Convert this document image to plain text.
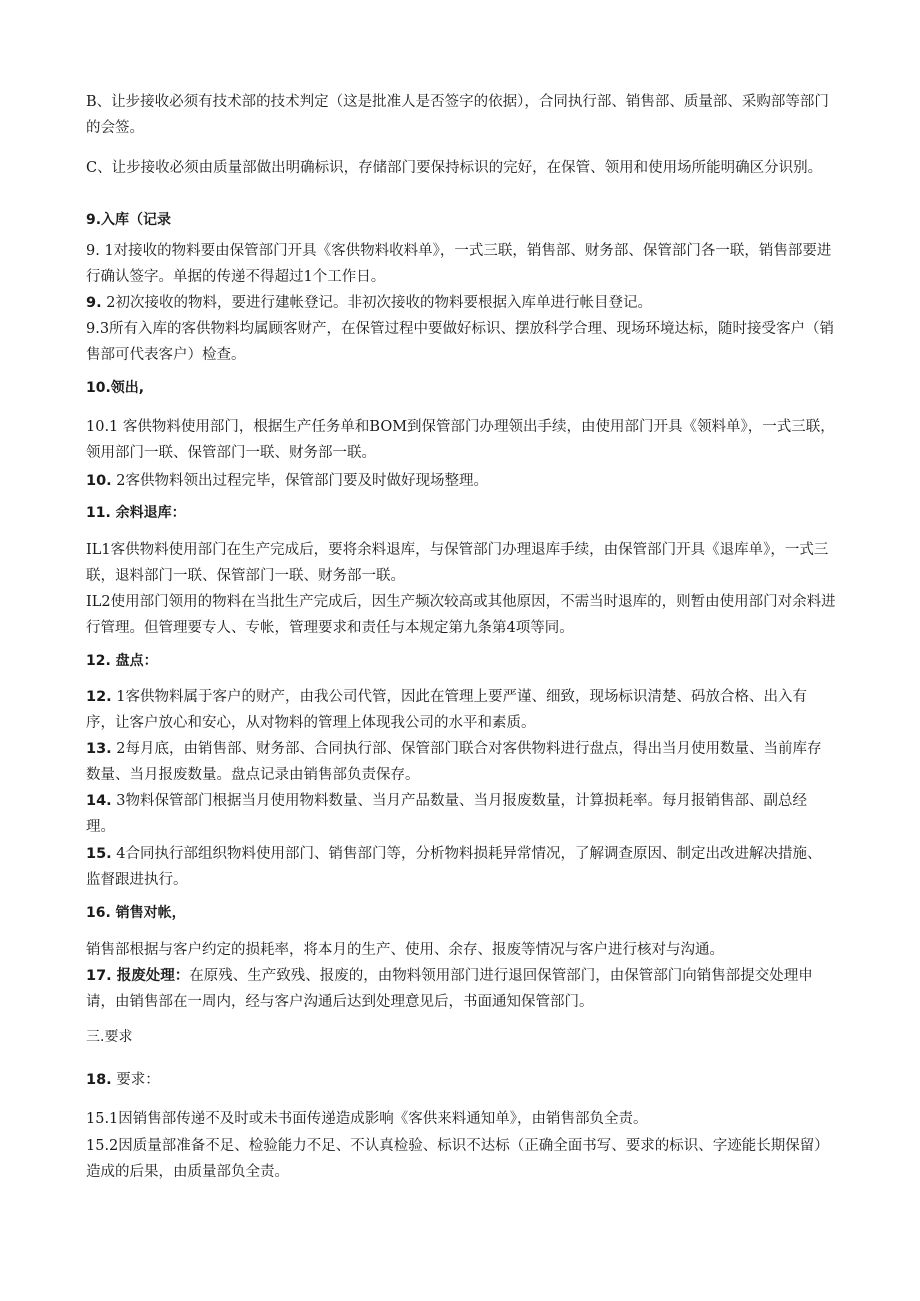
B、让步接收必须有技术部的技术判定（这是批准人是否签字的依据），合同执行部、销售部、质量部、采购部等部门的会签。

C、让步接收必须由质量部做出明确标识，存储部门要保持标识的完好，在保管、领用和使用场所能明确区分识别。

9.入库（记录

9. 1对接收的物料要由保管部门开具《客供物料收料单》，一式三联，销售部、财务部、保管部门各一联，销售部要进行确认签字。单据的传递不得超过1个工作日。

9. 2初次接收的物料，要进行建帐登记。非初次接收的物料要根据入库单进行帐目登记。

9.3所有入库的客供物料均属顾客财产，在保管过程中要做好标识、摆放科学合理、现场环境达标，随时接受客户（销售部可代表客户）检查。

10.领出,

10.1 客供物料使用部门，根据生产任务单和BOM到保管部门办理领出手续，由使用部门开具《领料单》，一式三联，领用部门一联、保管部门一联、财务部一联。

10. 2客供物料领出过程完毕，保管部门要及时做好现场整理。

11. 余料退库：

IL1客供物料使用部门在生产完成后，要将余料退库，与保管部门办理退库手续，由保管部门开具《退库单》，一式三联，退料部门一联、保管部门一联、财务部一联。

IL2使用部门领用的物料在当批生产完成后，因生产频次较高或其他原因，不需当时退库的，则暂由使用部门对余料进行管理。但管理要专人、专帐，管理要求和责任与本规定第九条第4项等同。

12. 盘点：

12. 1客供物料属于客户的财产，由我公司代管，因此在管理上要严谨、细致，现场标识清楚、码放合格、出入有序，让客户放心和安心，从对物料的管理上体现我公司的水平和素质。

13. 2每月底，由销售部、财务部、合同执行部、保管部门联合对客供物料进行盘点，得出当月使用数量、当前库存数量、当月报废数量。盘点记录由销售部负责保存。

14. 3物料保管部门根据当月使用物料数量、当月产品数量、当月报废数量，计算损耗率。每月报销售部、副总经理。

15. 4合同执行部组织物料使用部门、销售部门等，分析物料损耗异常情况，了解调查原因、制定出改进解决措施、监督跟进执行。

16. 销售对帐，

销售部根据与客户约定的损耗率，将本月的生产、使用、余存、报废等情况与客户进行核对与沟通。

17. 报废处理：在原残、生产致残、报废的，由物料领用部门进行退回保管部门，由保管部门向销售部提交处理申请，由销售部在一周内，经与客户沟通后达到处理意见后，书面通知保管部门。

三.要求

18. 要求：

15.1因销售部传递不及时或未书面传递造成影响《客供来料通知单》，由销售部负全责。

15.2因质量部准备不足、检验能力不足、不认真检验、标识不达标（正确全面书写、要求的标识、字迹能长期保留）造成的后果，由质量部负全责。
